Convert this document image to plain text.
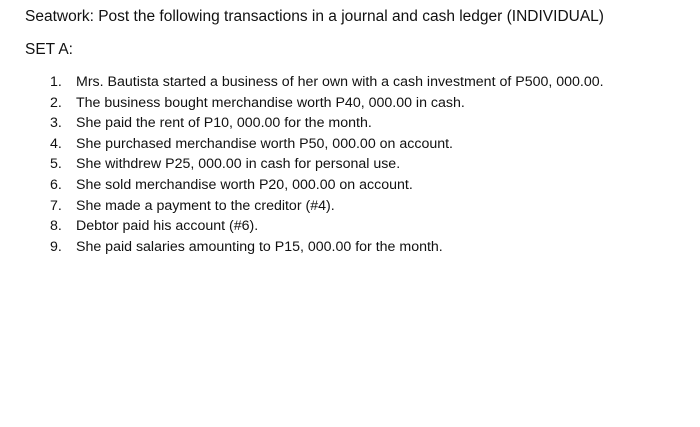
Seatwork: Post the following transactions in a journal and cash ledger (INDIVIDUAL)
SET A:
1. Mrs. Bautista started a business of her own with a cash investment of P500, 000.00.
2. The business bought merchandise worth P40, 000.00 in cash.
3. She paid the rent of P10, 000.00 for the month.
4. She purchased merchandise worth P50, 000.00 on account.
5. She withdrew P25, 000.00 in cash for personal use.
6. She sold merchandise worth P20, 000.00 on account.
7. She made a payment to the creditor (#4).
8. Debtor paid his account (#6).
9. She paid salaries amounting to P15, 000.00 for the month.
